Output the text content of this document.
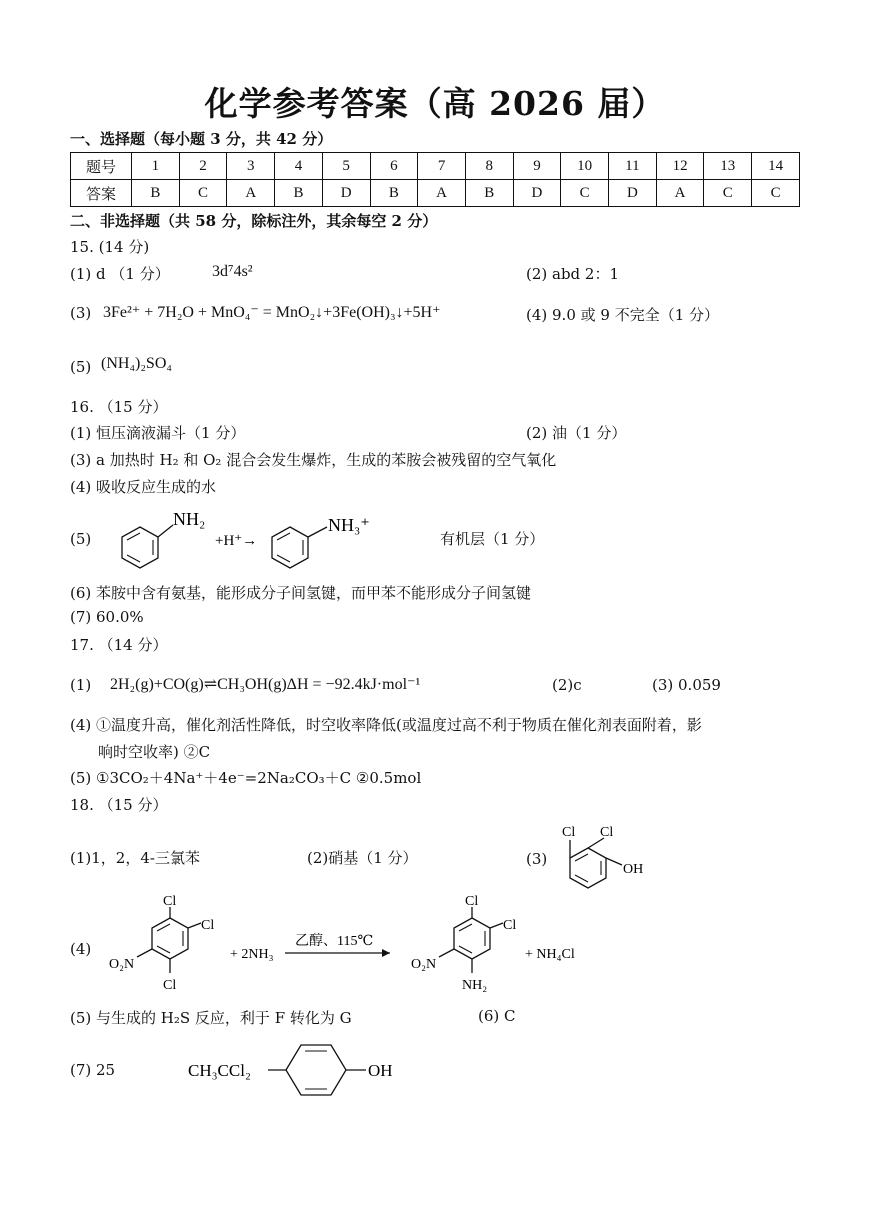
化学参考答案（高 2026 届）
一、选择题（每小题 3 分，共 42 分）
题号	1	2	3	4	5	6	7	8	9	10	11	12	13	14
答案	B	C	A	B	D	B	A	B	D	C	D	A	C	C
二、非选择题（共 58 分，除标注外，其余每空 2 分）
15. (14 分)
(1) d （1 分）	3d⁷4s²	(2) abd 2：1
(3) 3Fe²⁺ + 7H₂O + MnO₄⁻ = MnO₂↓+3Fe(OH)₃↓+5H⁺	(4) 9.0 或 9 不完全（1 分）
(5) (NH₄)₂SO₄
16. （15 分）
(1) 恒压滴液漏斗（1 分）	(2) 油（1 分）
(3) a 加热时 H₂ 和 O₂ 混合会发生爆炸，生成的苯胺会被残留的空气氧化
(4) 吸收反应生成的水
(5)
NH₂
+H⁺→
NH₃⁺
有机层（1 分）
(6) 苯胺中含有氨基，能形成分子间氢键，而甲苯不能形成分子间氢键
(7) 60.0%
17. （14 分）
(1) 2H₂(g)+CO(g)⇌CH₃OH(g)ΔH = −92.4kJ·mol⁻¹	(2)c	(3) 0.059
(4) ①温度升高，催化剂活性降低，时空收率降低(或温度过高不利于物质在催化剂表面附着，影
响时空收率) ②C
(5) ①3CO₂＋4Na⁺＋4e⁻=2Na₂CO₃＋C ②0.5mol
18. （15 分）
(1)1，2，4-三氯苯	(2)硝基（1 分）	(3)
Cl Cl
OH
(4)
Cl
Cl
Cl
O₂N
+ 2NH₃
乙醇、115℃
Cl
Cl
NH₂
O₂N
+ NH₄Cl
(5) 与生成的 H₂S 反应，利于 F 转化为 G	(6) C
(7) 25	CH₃CCl₂	OH
